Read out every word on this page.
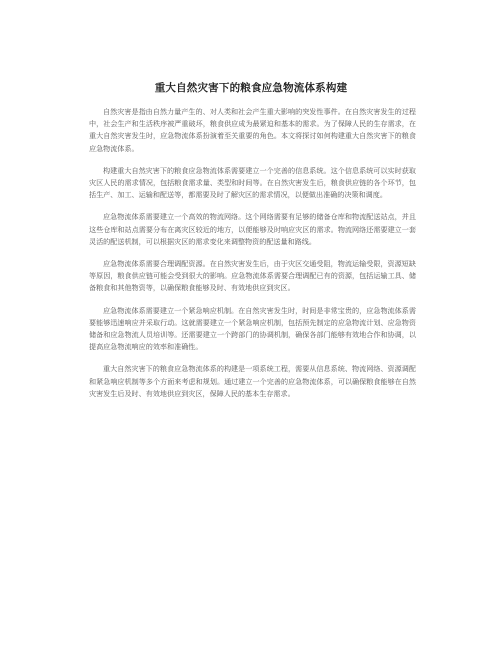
重大自然灾害下的粮食应急物流体系构建

自然灾害是指由自然力量产生的、对人类和社会产生重大影响的突发性事件。在自然灾害发生的过程中，社会生产和生活秩序被严重破坏，粮食供应成为最紧迫和基本的需求。为了保障人民的生存需求，在重大自然灾害发生时，应急物流体系扮演着至关重要的角色。本文将探讨如何构建重大自然灾害下的粮食应急物流体系。

构建重大自然灾害下的粮食应急物流体系需要建立一个完善的信息系统。这个信息系统可以实时获取灾区人民的需求情况，包括粮食需求量、类型和时间等。在自然灾害发生后，粮食供应链的各个环节，包括生产、加工、运输和配送等，都需要及时了解灾区的需求情况，以便做出准确的决策和调度。

应急物流体系需要建立一个高效的物流网络。这个网络需要有足够的储备仓库和物流配送站点，并且这些仓库和站点需要分布在离灾区较近的地方，以便能够及时响应灾区的需求。物流网络还需要建立一套灵活的配送机制，可以根据灾区的需求变化来调整物资的配送量和路线。

应急物流体系需要合理调配资源。在自然灾害发生后，由于灾区交通受阻，物流运输受限，资源短缺等原因，粮食供应链可能会受到很大的影响。应急物流体系需要合理调配已有的资源，包括运输工具、储备粮食和其他物资等，以确保粮食能够及时、有效地供应到灾区。

应急物流体系需要建立一个紧急响应机制。在自然灾害发生时，时间是非常宝贵的，应急物流体系需要能够迅速响应并采取行动。这就需要建立一个紧急响应机制，包括预先制定的应急物流计划、应急物资储备和应急物流人员培训等。还需要建立一个跨部门的协调机制，确保各部门能够有效地合作和协调，以提高应急物流响应的效率和准确性。

重大自然灾害下的粮食应急物流体系的构建是一项系统工程，需要从信息系统、物流网络、资源调配和紧急响应机制等多个方面来考虑和规划。通过建立一个完善的应急物流体系，可以确保粮食能够在自然灾害发生后及时、有效地供应到灾区，保障人民的基本生存需求。
